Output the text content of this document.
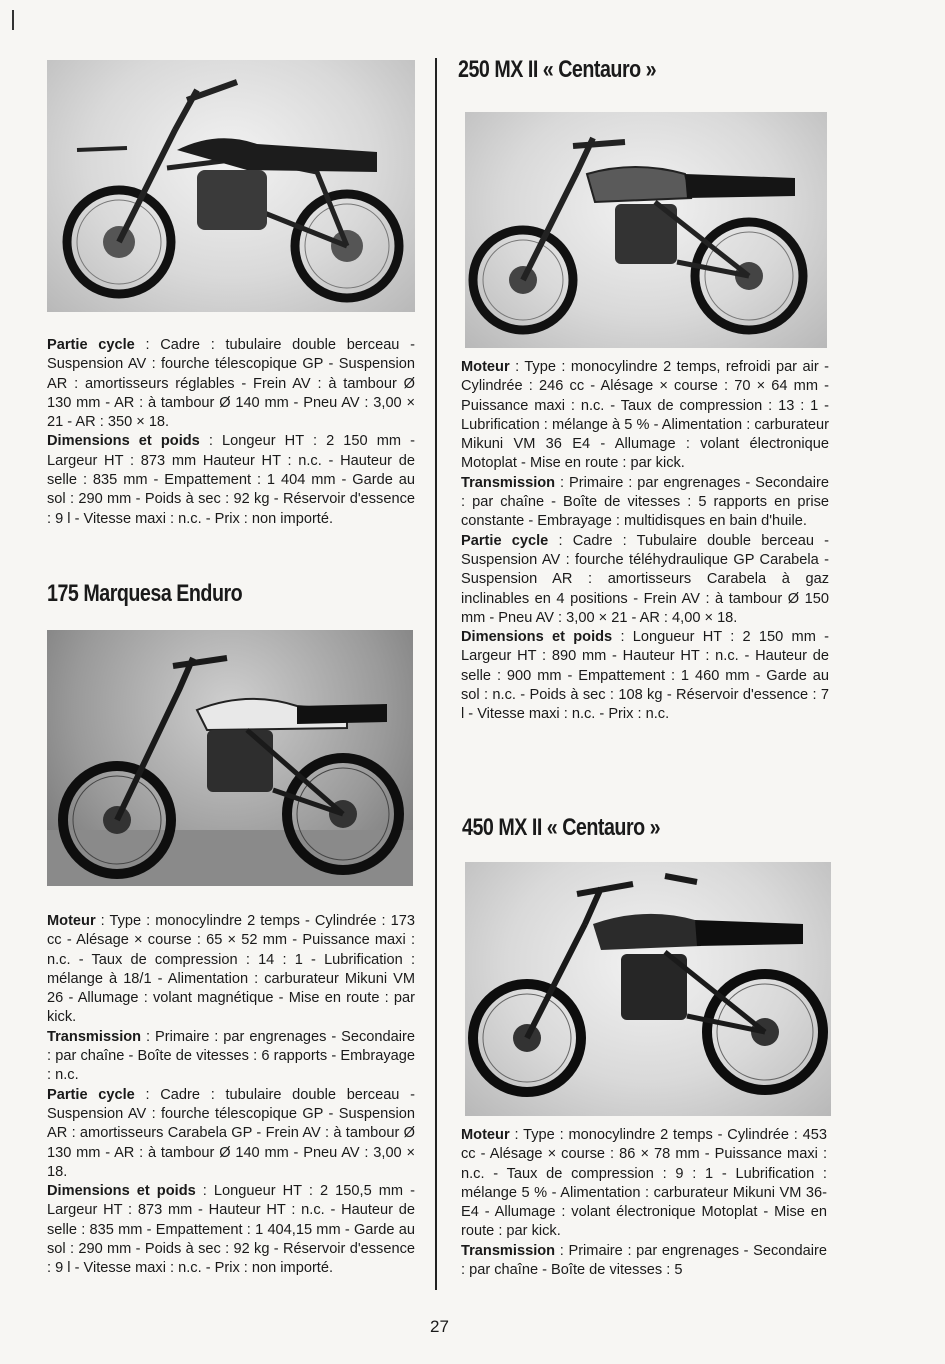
Partie cycle : Cadre : tubulaire double berceau - Suspension AV : fourche télescopique GP - Suspension AR : amortisseurs réglables - Frein AV : à tambour Ø 130 mm - AR : à tambour Ø 140 mm - Pneu AV : 3,00 × 21 - AR : 350 × 18.

Dimensions et poids : Longeur HT : 2 150 mm - Largeur HT : 873 mm Hauteur HT : n.c. - Hauteur de selle : 835 mm - Empattement : 1 404 mm - Garde au sol : 290 mm - Poids à sec : 92 kg - Réservoir d'essence : 9 l - Vitesse maxi : n.c. - Prix : non importé.

175 Marquesa Enduro

Moteur : Type : monocylindre 2 temps - Cylindrée : 173 cc - Alésage × course : 65 × 52 mm - Puissance maxi : n.c. - Taux de compression : 14 : 1 - Lubrification : mélange à 18/1 - Alimentation : carburateur Mikuni VM 26 - Allumage : volant magnétique - Mise en route : par kick.

Transmission : Primaire : par engrenages - Secondaire : par chaîne - Boîte de vitesses : 6 rapports - Embrayage : n.c.

Partie cycle : Cadre : tubulaire double berceau - Suspension AV : fourche télescopique GP - Suspension AR : amortisseurs Carabela GP - Frein AV : à tambour Ø 130 mm - AR : à tambour Ø 140 mm - Pneu AV : 3,00 × 18.

Dimensions et poids : Longueur HT : 2 150,5 mm - Largeur HT : 873 mm - Hauteur HT : n.c. - Hauteur de selle : 835 mm - Empattement : 1 404,15 mm - Garde au sol : 290 mm - Poids à sec : 92 kg - Réservoir d'essence : 9 l - Vitesse maxi : n.c. - Prix : non importé.

250 MX II « Centauro »

Moteur : Type : monocylindre 2 temps, refroidi par air - Cylindrée : 246 cc - Alésage × course : 70 × 64 mm - Puissance maxi : n.c. - Taux de compression : 13 : 1 - Lubrification : mélange à 5 % - Alimentation : carburateur Mikuni VM 36 E4 - Allumage : volant électronique Motoplat - Mise en route : par kick.

Transmission : Primaire : par engrenages - Secondaire : par chaîne - Boîte de vitesses : 5 rapports en prise constante - Embrayage : multidisques en bain d'huile.

Partie cycle : Cadre : Tubulaire double berceau - Suspension AV : fourche téléhydraulique GP Carabela - Suspension AR : amortisseurs Carabela à gaz inclinables en 4 positions - Frein AV : à tambour Ø 150 mm - Pneu AV : 3,00 × 21 - AR : 4,00 × 18.

Dimensions et poids : Longueur HT : 2 150 mm - Largeur HT : 890 mm - Hauteur HT : n.c. - Hauteur de selle : 900 mm - Empattement : 1 460 mm - Garde au sol : n.c. - Poids à sec : 108 kg - Réservoir d'essence : 7 l - Vitesse maxi : n.c. - Prix : n.c.

450 MX II « Centauro »

Moteur : Type : monocylindre 2 temps - Cylindrée : 453 cc - Alésage × course : 86 × 78 mm - Puissance maxi : n.c. - Taux de compression : 9 : 1 - Lubrification : mélange 5 % - Alimentation : carburateur Mikuni VM 36-E4 - Allumage : volant électronique Motoplat - Mise en route : par kick.

Transmission : Primaire : par engrenages - Secondaire : par chaîne - Boîte de vitesses : 5

27
